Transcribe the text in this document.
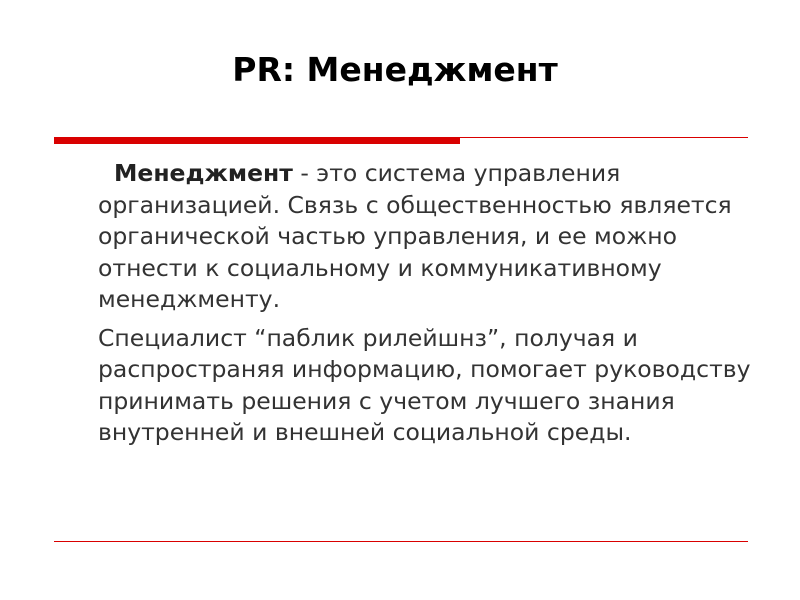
PR: Менеджмент

Менеджмент - это система управления организацией. Связь с общественностью является органической частью управления, и ее можно отнести к социальному и коммуникативному менеджменту.

Специалист “паблик рилейшнз”, получая и распространяя информацию, помогает руководству принимать решения с учетом лучшего знания внутренней и внешней социальной среды.
